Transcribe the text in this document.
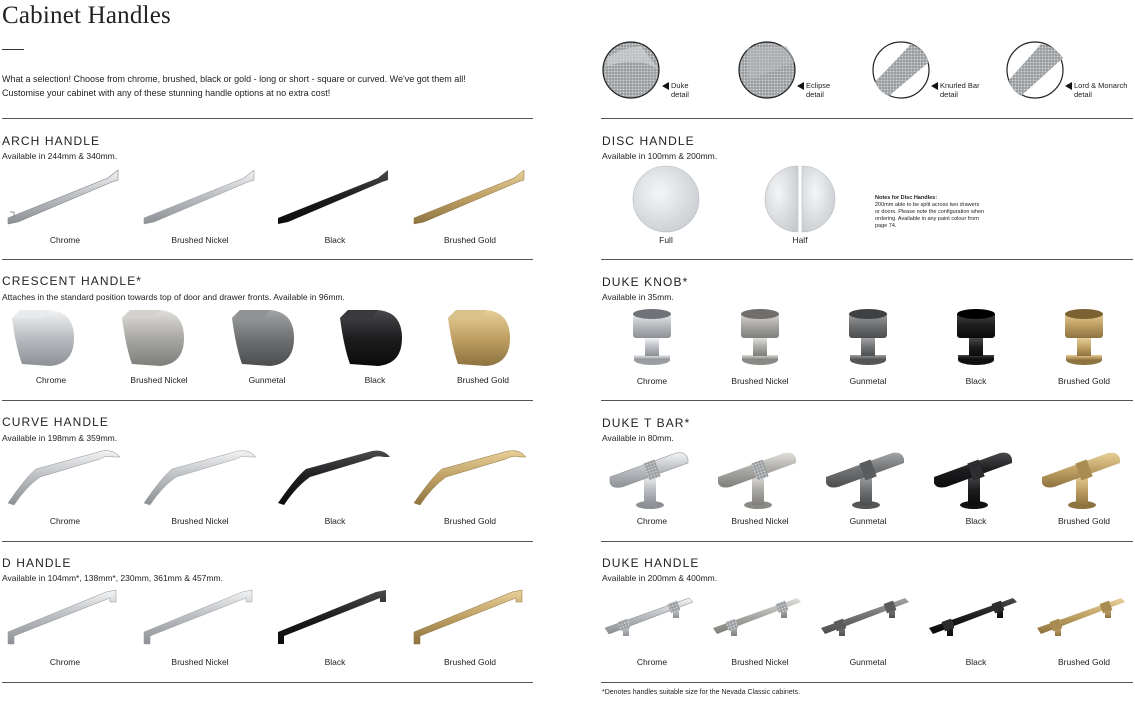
Cabinet Handles
What a selection! Choose from chrome, brushed, black or gold - long or short - square or curved. We've got them all!
Customise your cabinet with any of these stunning handle options at no extra cost!
Duke
detail
Eclipse
detail
Knurled Bar
detail
Lord & Monarch
detail
ARCH HANDLE
Available in 244mm & 340mm.
Chrome	Brushed Nickel	Black	Brushed Gold
CRESCENT HANDLE*
Attaches in the standard position towards top of door and drawer fronts. Available in 96mm.
Chrome	Brushed Nickel	Gunmetal	Black	Brushed Gold
CURVE HANDLE
Available in 198mm & 359mm.
Chrome	Brushed Nickel	Black	Brushed Gold
D HANDLE
Available in 104mm*, 138mm*, 230mm, 361mm & 457mm.
Chrome	Brushed Nickel	Black	Brushed Gold
DISC HANDLE
Available in 100mm & 200mm.
Full	Half
Notes for Disc Handles:
200mm able to be split across two drawers
or doors. Please note the configuration when
ordering. Available in any paint colour from
page 74.
DUKE KNOB*
Available in 35mm.
Chrome	Brushed Nickel	Gunmetal	Black	Brushed Gold
DUKE T BAR*
Available in 80mm.
Chrome	Brushed Nickel	Gunmetal	Black	Brushed Gold
DUKE HANDLE
Available in 200mm & 400mm.
Chrome	Brushed Nickel	Gunmetal	Black	Brushed Gold
*Denotes handles suitable size for the Nevada Classic cabinets.
